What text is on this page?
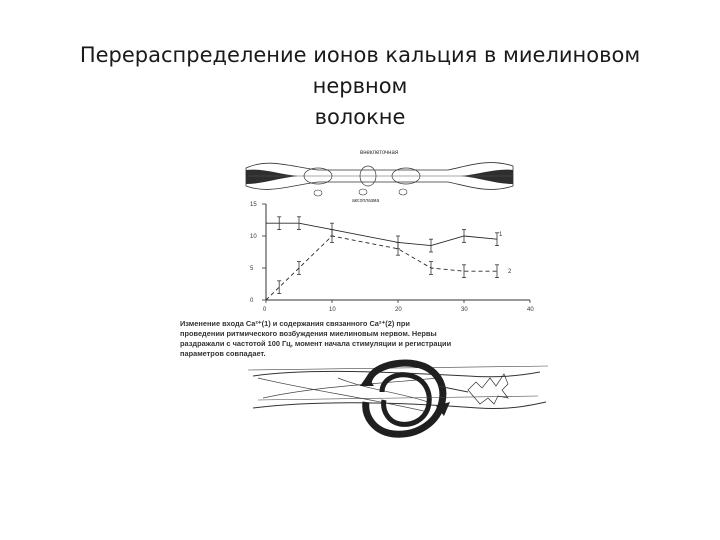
Перераспределение ионов кальция в миелиновом нервном
волокне
внеклеточная
аксоплазма
1
2
0
5
10
15
0	10	20	30	40
Изменение входа Ca²⁺(1) и содержания связанного Ca²⁺(2) при
проведении ритмического возбуждения миелиновым нервом. Нервы
раздражали с частотой 100 Гц, момент начала стимуляции и регистрации
параметров совпадает.
